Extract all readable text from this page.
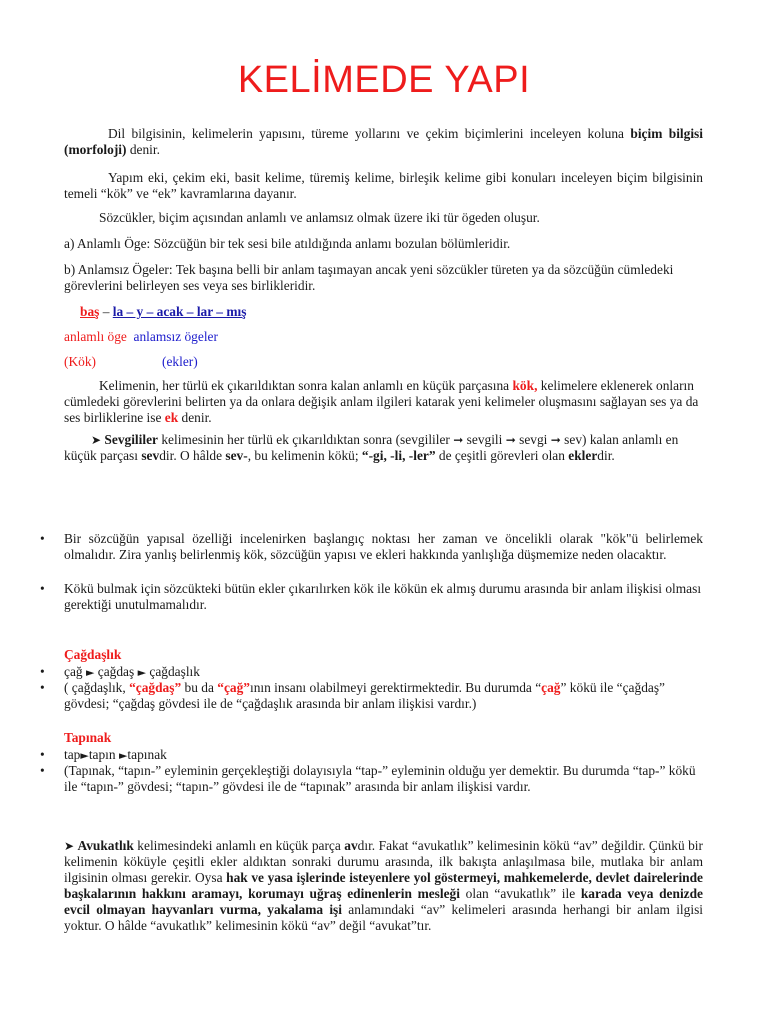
KELİMEDE YAPI

Dil bilgisinin, kelimelerin yapısını, türeme yollarını ve çekim biçimlerini inceleyen koluna biçim bilgisi (morfoloji) denir.

Yapım eki, çekim eki, basit kelime, türemiş kelime, birleşik kelime gibi konuları inceleyen biçim bilgisinin temeli “kök” ve “ek” kavramlarına dayanır.

Sözcükler, biçim açısından anlamlı ve anlamsız olmak üzere iki tür ögeden oluşur.

a) Anlamlı Öge: Sözcüğün bir tek sesi bile atıldığında anlamı bozulan bölümleridir.

b) Anlamsız Ögeler: Tek başına belli bir anlam taşımayan ancak yeni sözcükler türeten ya da sözcüğün cümledeki görevlerini belirleyen ses veya ses birlikleridir.

baş – la – y – acak – lar – mış

anlamlı öge anlamsız ögeler

(Kök)	(ekler)

Kelimenin, her türlü ek çıkarıldıktan sonra kalan anlamlı en küçük parçasına kök, kelimelere eklenerek onların cümledeki görevlerini belirten ya da onlara değişik anlam ilgileri katarak yeni kelimeler oluşmasını sağlayan ses ya da ses birliklerine ise ek denir.

➤ Sevgililer kelimesinin her türlü ek çıkarıldıktan sonra (sevgililer ➞ sevgili ➞ sevgi ➞ sev) kalan anlamlı en küçük parçası sevdir. O hâlde sev-, bu kelimenin kökü; “-gi, -li, -ler” de çeşitli görevleri olan eklerdir.

•	Bir sözcüğün yapısal özelliği incelenirken başlangıç noktası her zaman ve öncelikli olarak "kök"ü belirlemek olmalıdır. Zira yanlış belirlenmiş kök, sözcüğün yapısı ve ekleri hakkında yanlışlığa düşmemize neden olacaktır.

•	Kökü bulmak için sözcükteki bütün ekler çıkarılırken kök ile kökün ek almış durumu arasında bir anlam ilişkisi olması gerektiği unutulmamalıdır.

Çağdaşlık

•	çağ ► çağdaş ► çağdaşlık

•	( çağdaşlık, “çağdaş” bu da “çağ”ının insanı olabilmeyi gerektirmektedir. Bu durumda “çağ” kökü ile “çağdaş” gövdesi; “çağdaş gövdesi ile de “çağdaşlık arasında bir anlam ilişkisi vardır.)

Tapınak

•	tap►tapın ►tapınak

•	(Tapınak, “tapın-” eyleminin gerçekleştiği dolayısıyla “tap-” eyleminin olduğu yer demektir. Bu durumda “tap-” kökü ile “tapın-” gövdesi; “tapın-” gövdesi ile de “tapınak” arasında bir anlam ilişkisi vardır.

➤ Avukatlık kelimesindeki anlamlı en küçük parça avdır. Fakat “avukatlık” kelimesinin kökü “av” değildir. Çünkü bir kelimenin köküyle çeşitli ekler aldıktan sonraki durumu arasında, ilk bakışta anlaşılmasa bile, mutlaka bir anlam ilgisinin olması gerekir. Oysa hak ve yasa işlerinde isteyenlere yol göstermeyi, mahkemelerde, devlet dairelerinde başkalarının hakkını aramayı, korumayı uğraş edinenlerin mesleği olan “avukatlık” ile karada veya denizde evcil olmayan hayvanları vurma, yakalama işi anlamındaki “av” kelimeleri arasında herhangi bir anlam ilgisi yoktur. O hâlde “avukatlık” kelimesinin kökü “av” değil “avukat”tır.
